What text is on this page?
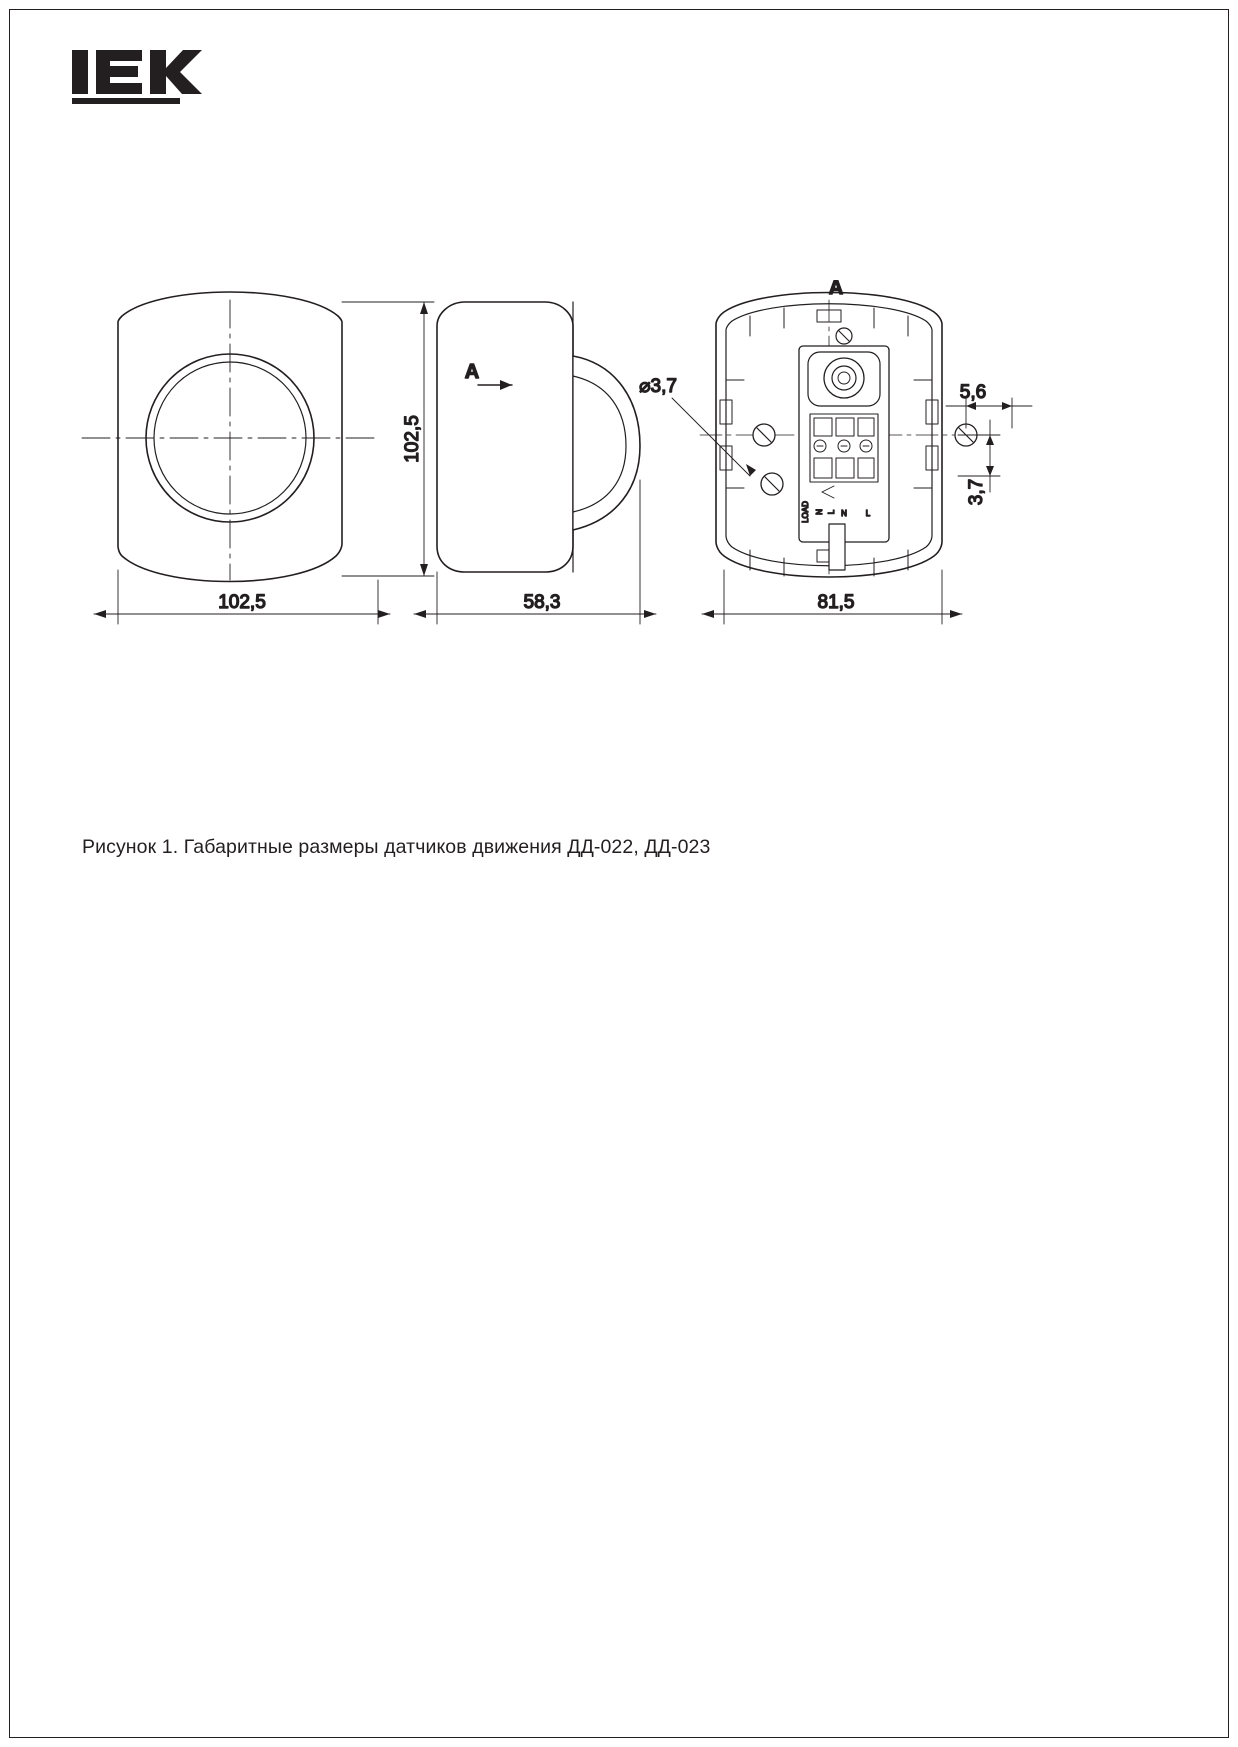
102,5
102,5
A
58,3
LOAD N L N L
A
⌀3,7	5,6
3,7
81,5
Рисунок 1. Габаритные размеры датчиков движения ДД-022, ДД-023
